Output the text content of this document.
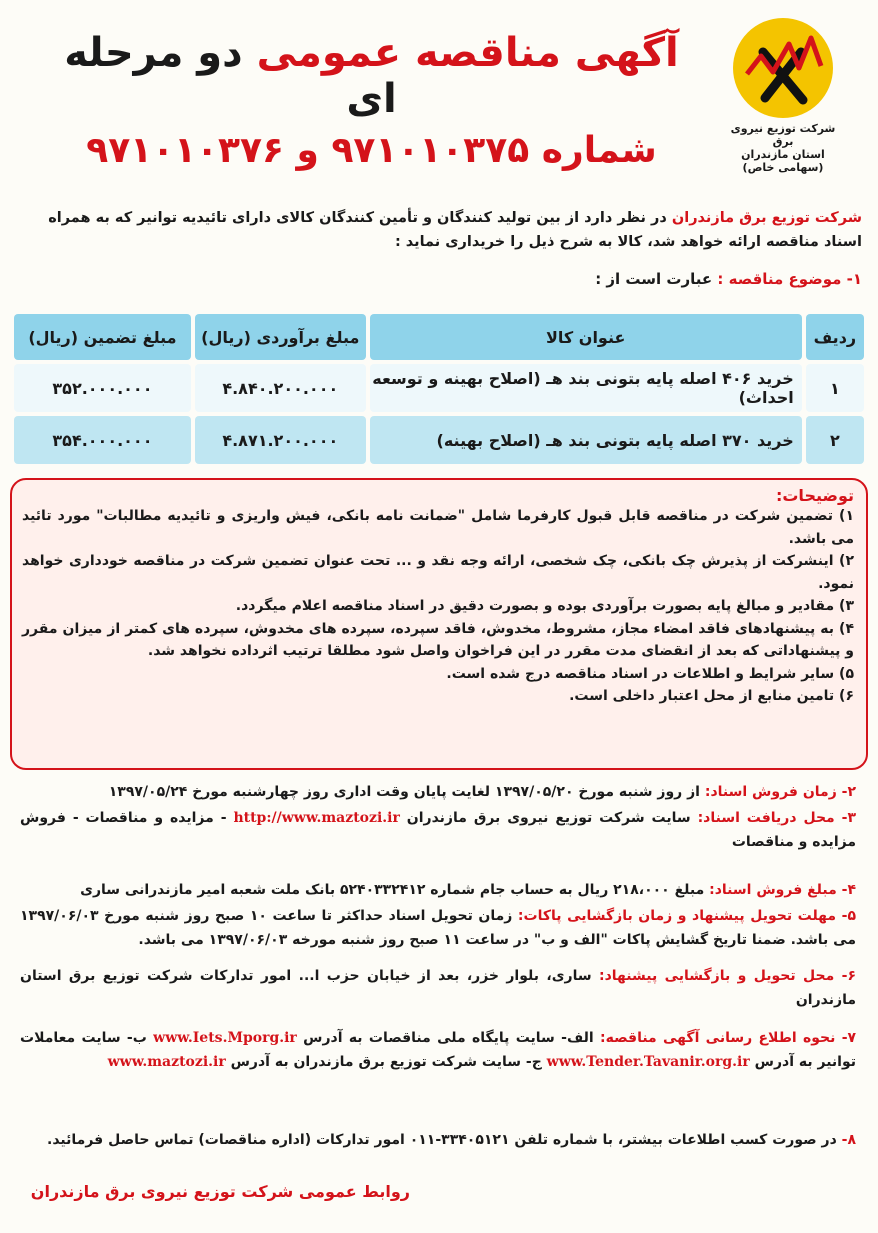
شرکت توزیع نیروی برق
استان مازندران (سهامی خاص)
آگهی مناقصه عمومی دو مرحله ای
شماره ۹۷۱۰۱۰۳۷۵ و ۹۷۱۰۱۰۳۷۶
شرکت توزیع برق مازندران در نظر دارد از بین تولید کنندگان و تأمین کنندگان کالای دارای تائیدیه توانیر که به همراه اسناد مناقصه ارائه خواهد شد، کالا به شرح ذیل را خریداری نماید :
۱- موضوع مناقصه : عبارت است از :
ردیف	عنوان کالا	مبلغ برآوردی (ریال)	مبلغ تضمین (ریال)
۱	خرید ۴۰۶ اصله پایه بتونی بند هـ (اصلاح بهینه و توسعه احداث)	۴.۸۴۰.۲۰۰.۰۰۰	۳۵۲.۰۰۰.۰۰۰
۲	خرید ۳۷۰ اصله پایه بتونی بند هـ (اصلاح بهینه)	۴.۸۷۱.۲۰۰.۰۰۰	۳۵۴.۰۰۰.۰۰۰
توضیحات:
۱) تضمین شرکت در مناقصه قابل قبول کارفرما شامل "ضمانت نامه بانکی، فیش واریزی و تائیدیه مطالبات" مورد تائید می باشد.
۲) اینشرکت از پذیرش چک بانکی، چک شخصی، ارائه وجه نقد و ... تحت عنوان تضمین شرکت در مناقصه خودداری خواهد نمود.
۳) مقادیر و مبالغ پایه بصورت برآوردی بوده و بصورت دقیق در اسناد مناقصه اعلام میگردد.
۴) به پیشنهادهای فاقد امضاء مجاز، مشروط، مخدوش، فاقد سپرده، سپرده های مخدوش، سپرده های کمتر از میزان مقرر و پیشنهاداتی که بعد از انقضای مدت مقرر در این فراخوان واصل شود مطلقا ترتیب اثرداده نخواهد شد.
۵) سایر شرایط و اطلاعات در اسناد مناقصه درج شده است.
۶) تامین منابع از محل اعتبار داخلی است.
۲- زمان فروش اسناد: از روز شنبه مورخ ۱۳۹۷/۰۵/۲۰ لغایت پایان وقت اداری روز چهارشنبه مورخ ۱۳۹۷/۰۵/۲۴
۳- محل دریافت اسناد: سایت شرکت توزیع نیروی برق مازندران http://www.maztozi.ir - مزایده و مناقصات - فروش مزایده و مناقصات
۴- مبلغ فروش اسناد: مبلغ ۲۱۸،۰۰۰ ریال به حساب جام شماره ۵۲۴۰۳۳۲۴۱۲ بانک ملت شعبه امیر مازندرانی ساری
۵- مهلت تحویل پیشنهاد و زمان بازگشایی پاکات: زمان تحویل اسناد حداکثر تا ساعت ۱۰ صبح روز شنبه مورخ ۱۳۹۷/۰۶/۰۳ می باشد. ضمنا تاریخ گشایش پاکات "الف و ب" در ساعت ۱۱ صبح روز شنبه مورخه ۱۳۹۷/۰۶/۰۳ می باشد.
۶- محل تحویل و بازگشایی پیشنهاد: ساری، بلوار خزر، بعد از خیابان حزب ا... امور تدارکات شرکت توزیع برق استان مازندران
۷- نحوه اطلاع رسانی آگهی مناقصه: الف- سایت پایگاه ملی مناقصات به آدرس www.Iets.Mporg.ir ب- سایت معاملات توانیر به آدرس www.Tender.Tavanir.org.ir ج- سایت شرکت توزیع برق مازندران به آدرس www.maztozi.ir
۸- در صورت کسب اطلاعات بیشتر، با شماره تلفن ۳۳۴۰۵۱۲۱-۰۱۱ امور تدارکات (اداره مناقصات) تماس حاصل فرمائید.
روابط عمومی شرکت توزیع نیروی برق مازندران
